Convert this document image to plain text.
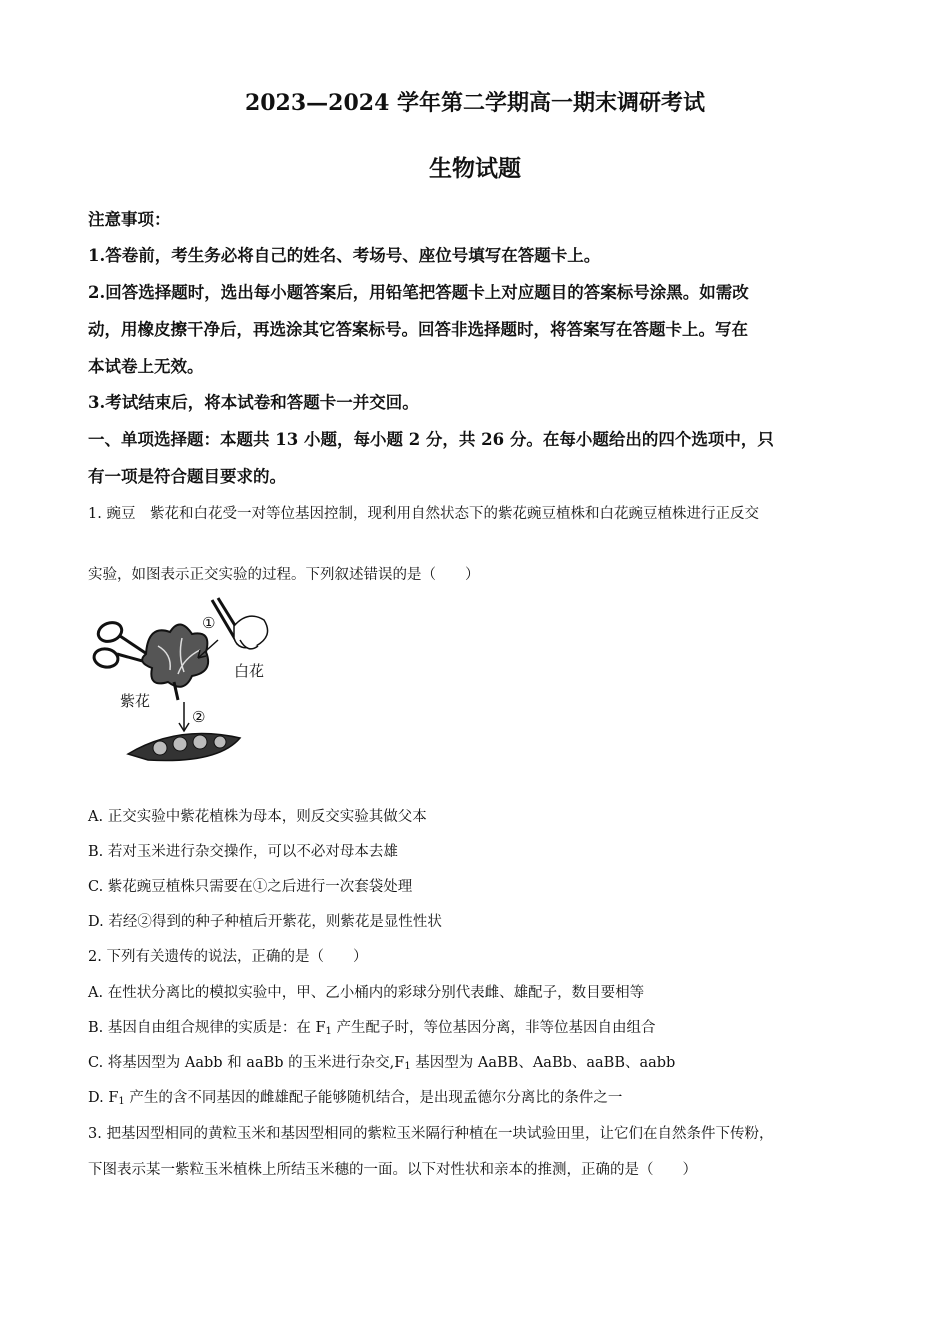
2023—2024 学年第二学期高一期末调研考试
生物试题
注意事项：
1.答卷前，考生务必将自己的姓名、考场号、座位号填写在答题卡上。
2.回答选择题时，选出每小题答案后，用铅笔把答题卡上对应题目的答案标号涂黑。如需改
动，用橡皮擦干净后，再选涂其它答案标号。回答非选择题时，将答案写在答题卡上。写在
本试卷上无效。
3.考试结束后，将本试卷和答题卡一并交回。
一、单项选择题：本题共 13 小题，每小题 2 分，共 26 分。在每小题给出的四个选项中，只
有一项是符合题目要求的。
1. 豌豆　紫花和白花受一对等位基因控制，现利用自然状态下的紫花豌豆植株和白花豌豆植株进行正反交
实验，如图表示正交实验的过程。下列叙述错误的是（　　）
①
白花
紫花
②
A. 正交实验中紫花植株为母本，则反交实验其做父本
B. 若对玉米进行杂交操作，可以不必对母本去雄
C. 紫花豌豆植株只需要在①之后进行一次套袋处理
D. 若经②得到的种子种植后开紫花，则紫花是显性性状
2. 下列有关遗传的说法，正确的是（　　）
A. 在性状分离比的模拟实验中，甲、乙小桶内的彩球分别代表雌、雄配子，数目要相等
B. 基因自由组合规律的实质是：在 $F_1$ 产生配子时，等位基因分离，非等位基因自由组合
C. 将基因型为 Aabb 和 aaBb 的玉米进行杂交$,F_1$ 基因型为 AaBB、AaBb、aaBB、aabb
D. $F_1$ 产生的含不同基因的雌雄配子能够随机结合，是出现孟德尔分离比的条件之一
3. 把基因型相同的黄粒玉米和基因型相同的紫粒玉米隔行种植在一块试验田里，让它们在自然条件下传粉，
下图表示某一紫粒玉米植株上所结玉米穗的一面。以下对性状和亲本的推测，正确的是（　　）
